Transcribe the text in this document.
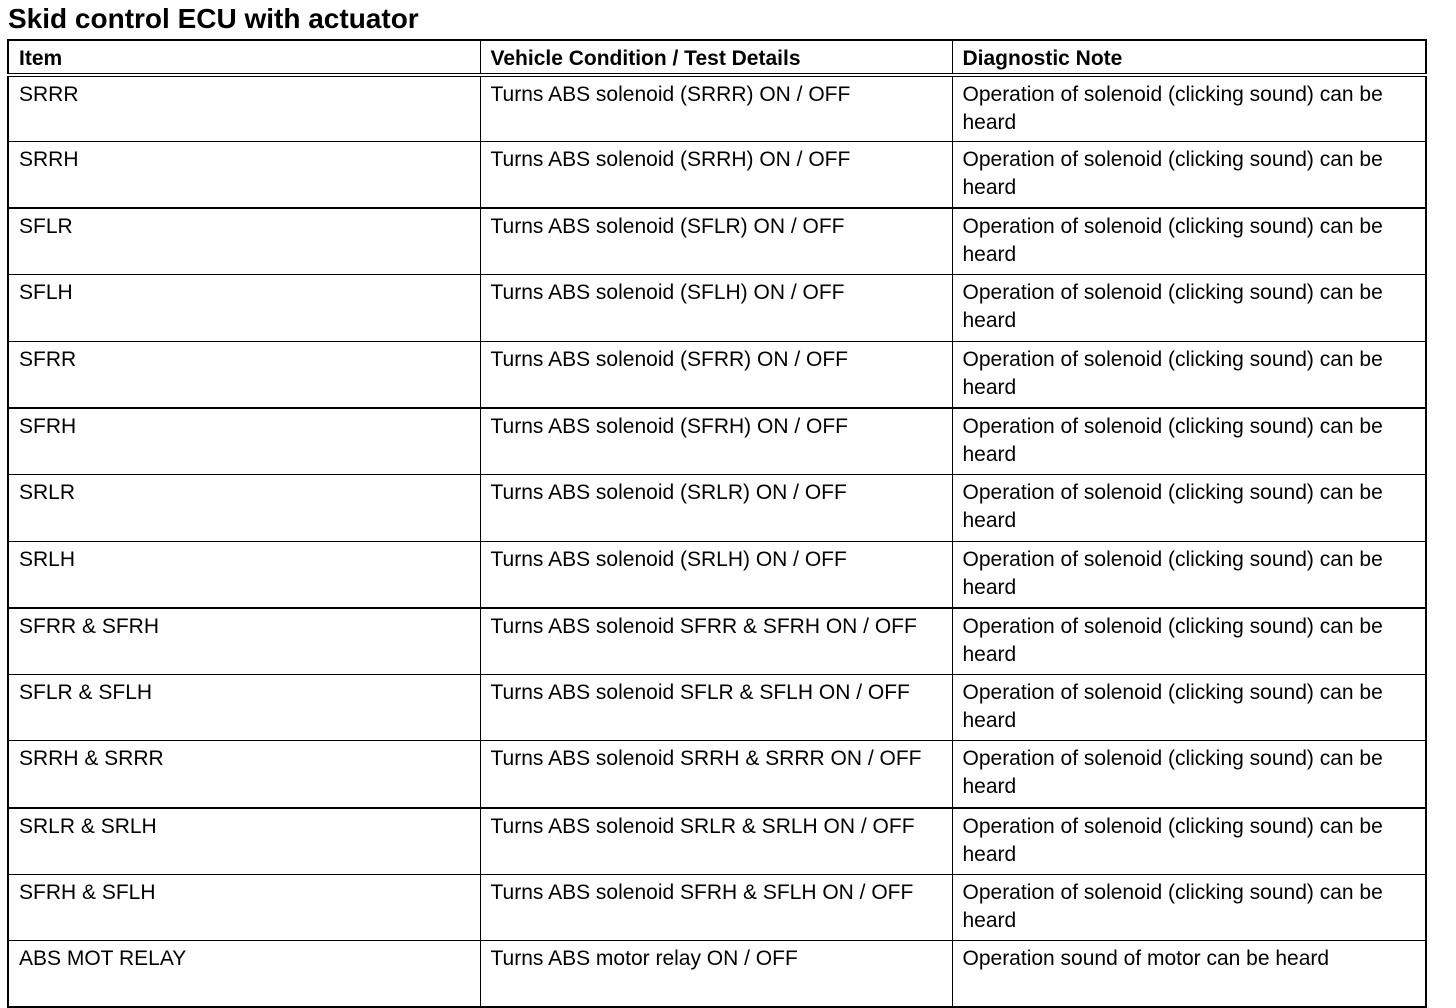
Skid control ECU with actuator
Item	Vehicle Condition / Test Details	Diagnostic Note
SRRR	Turns ABS solenoid (SRRR) ON / OFF	Operation of solenoid (clicking sound) can be heard
SRRH	Turns ABS solenoid (SRRH) ON / OFF	Operation of solenoid (clicking sound) can be heard
SFLR	Turns ABS solenoid (SFLR) ON / OFF	Operation of solenoid (clicking sound) can be heard
SFLH	Turns ABS solenoid (SFLH) ON / OFF	Operation of solenoid (clicking sound) can be heard
SFRR	Turns ABS solenoid (SFRR) ON / OFF	Operation of solenoid (clicking sound) can be heard
SFRH	Turns ABS solenoid (SFRH) ON / OFF	Operation of solenoid (clicking sound) can be heard
SRLR	Turns ABS solenoid (SRLR) ON / OFF	Operation of solenoid (clicking sound) can be heard
SRLH	Turns ABS solenoid (SRLH) ON / OFF	Operation of solenoid (clicking sound) can be heard
SFRR & SFRH	Turns ABS solenoid SFRR & SFRH ON / OFF	Operation of solenoid (clicking sound) can be heard
SFLR & SFLH	Turns ABS solenoid SFLR & SFLH ON / OFF	Operation of solenoid (clicking sound) can be heard
SRRH & SRRR	Turns ABS solenoid SRRH & SRRR ON / OFF	Operation of solenoid (clicking sound) can be heard
SRLR & SRLH	Turns ABS solenoid SRLR & SRLH ON / OFF	Operation of solenoid (clicking sound) can be heard
SFRH & SFLH	Turns ABS solenoid SFRH & SFLH ON / OFF	Operation of solenoid (clicking sound) can be heard
ABS MOT RELAY	Turns ABS motor relay ON / OFF	Operation sound of motor can be heard
